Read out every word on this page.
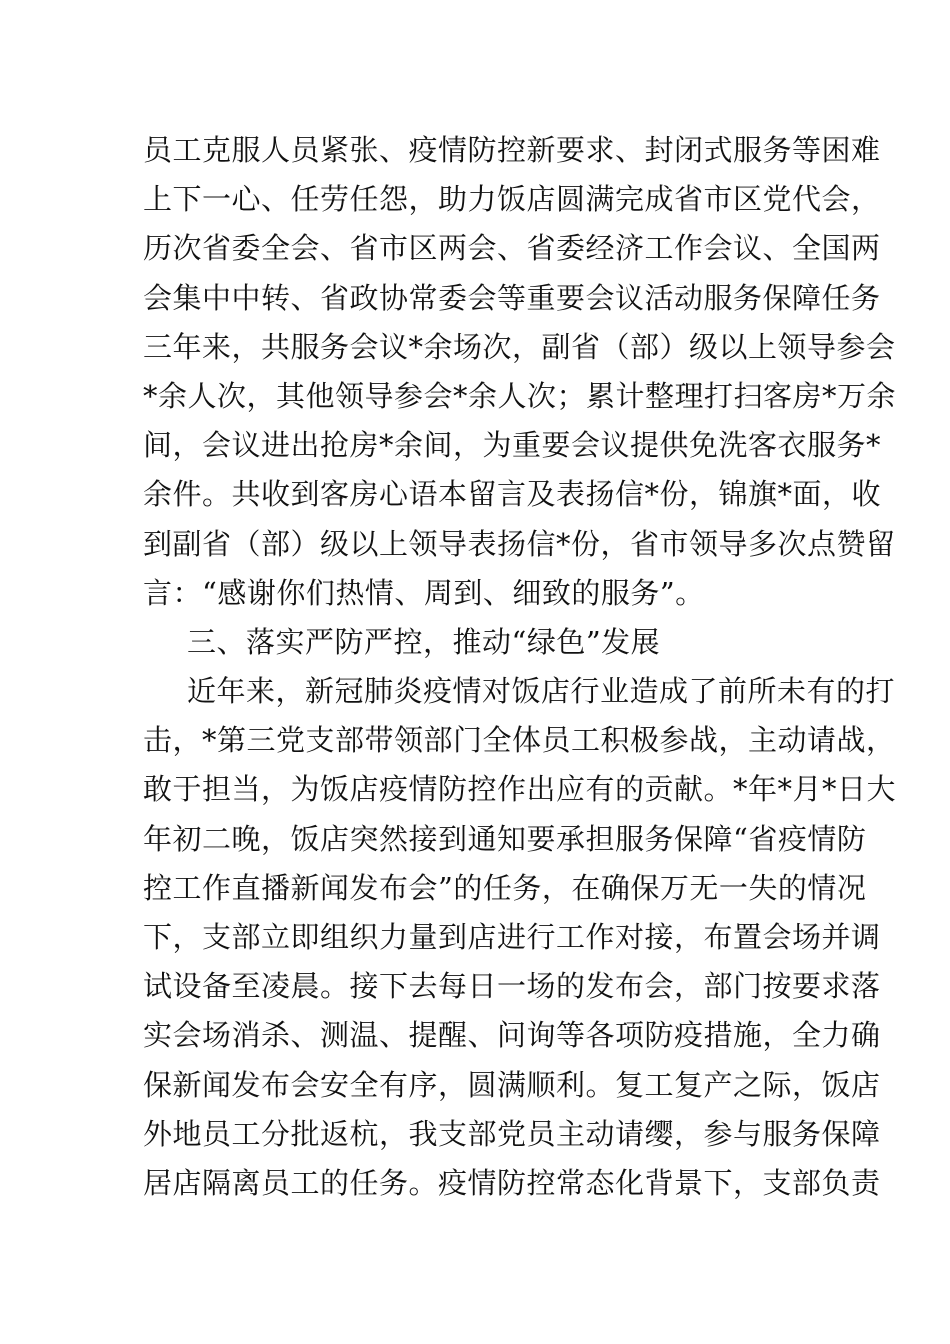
员工克服人员紧张、疫情防控新要求、封闭式服务等困难
上下一心、任劳任怨，助力饭店圆满完成省市区党代会，
历次省委全会、省市区两会、省委经济工作会议、全国两
会集中中转、省政协常委会等重要会议活动服务保障任务
三年来，共服务会议*余场次，副省（部）级以上领导参会
*余人次，其他领导参会*余人次；累计整理打扫客房*万余
间，会议进出抢房*余间，为重要会议提供免洗客衣服务*
余件。共收到客房心语本留言及表扬信*份，锦旗*面，收
到副省（部）级以上领导表扬信*份，省市领导多次点赞留
言：“感谢你们热情、周到、细致的服务”。
三、落实严防严控，推动“绿色”发展
近年来，新冠肺炎疫情对饭店行业造成了前所未有的打
击，*第三党支部带领部门全体员工积极参战，主动请战，
敢于担当，为饭店疫情防控作出应有的贡献。*年*月*日大
年初二晚，饭店突然接到通知要承担服务保障“省疫情防
控工作直播新闻发布会”的任务，在确保万无一失的情况
下，支部立即组织力量到店进行工作对接，布置会场并调
试设备至凌晨。接下去每日一场的发布会，部门按要求落
实会场消杀、测温、提醒、问询等各项防疫措施，全力确
保新闻发布会安全有序，圆满顺利。复工复产之际，饭店
外地员工分批返杭，我支部党员主动请缨，参与服务保障
居店隔离员工的任务。疫情防控常态化背景下，支部负责
